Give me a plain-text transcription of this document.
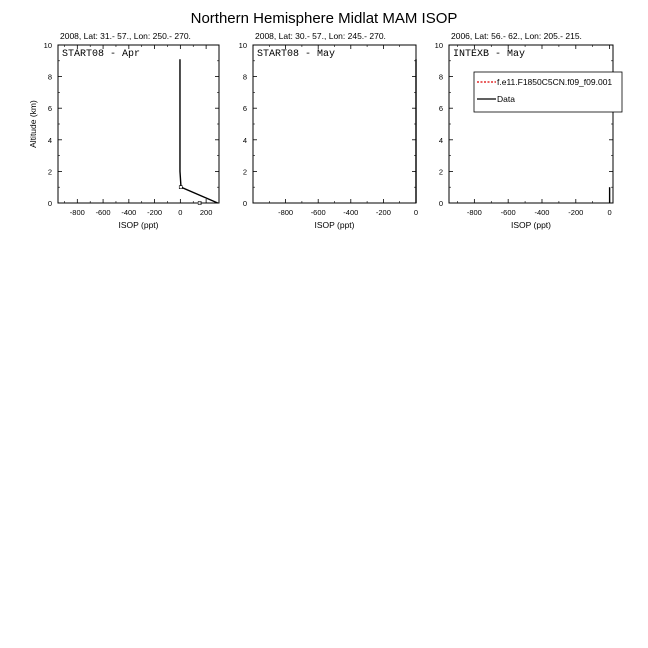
Northern Hemisphere Midlat MAM ISOP
2008, Lat: 31.- 57., Lon: 250.- 270.
START08 - Apr
-800 -600 -400 -200 0 200
0
2
4
6
8
10
ISOP (ppt)
Altitude (km)
2008, Lat: 30.- 57., Lon: 245.- 270.
START08 - May
-800 -600 -400 -200	0
0
2
4
6
8
10
ISOP (ppt)
2006, Lat: 56.- 62., Lon: 205.- 215.
INTEXB - May
-800	-600	-400	-200	0
0
2
4
6
8
10
ISOP (ppt)
f.e11.F1850C5CN.f09_f09.001
Data
